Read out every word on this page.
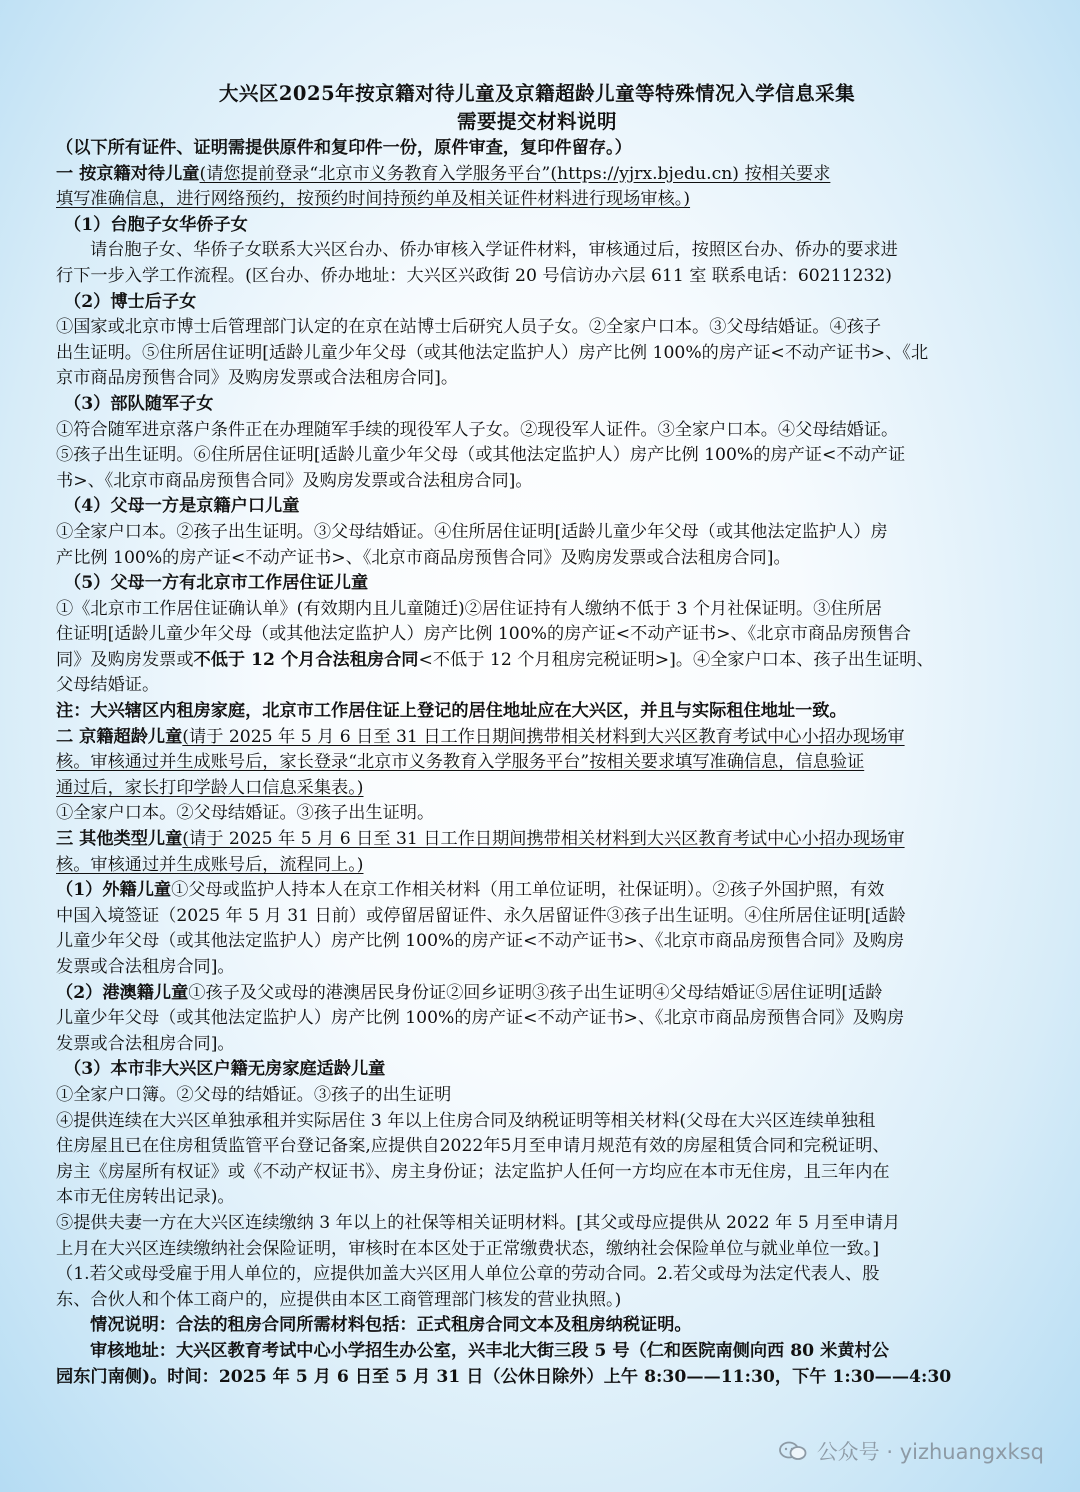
大兴区2025年按京籍对待儿童及京籍超龄儿童等特殊情况入学信息采集
需要提交材料说明
（以下所有证件、证明需提供原件和复印件一份，原件审查，复印件留存。）
一 按京籍对待儿童(请您提前登录“北京市义务教育入学服务平台”(https://yjrx.bjedu.cn) 按相关要求
填写准确信息，进行网络预约，按预约时间持预约单及相关证件材料进行现场审核。)
（1）台胞子女华侨子女
请台胞子女、华侨子女联系大兴区台办、侨办审核入学证件材料，审核通过后，按照区台办、侨办的要求进
行下一步入学工作流程。(区台办、侨办地址：大兴区兴政街 20 号信访办六层 611 室 联系电话：60211232)
（2）博士后子女
①国家或北京市博士后管理部门认定的在京在站博士后研究人员子女。②全家户口本。③父母结婚证。④孩子
出生证明。⑤住所居住证明[适龄儿童少年父母（或其他法定监护人）房产比例 100%的房产证<不动产证书>、《北
京市商品房预售合同》及购房发票或合法租房合同]。
（3）部队随军子女
①符合随军进京落户条件正在办理随军手续的现役军人子女。②现役军人证件。③全家户口本。④父母结婚证。
⑤孩子出生证明。⑥住所居住证明[适龄儿童少年父母（或其他法定监护人）房产比例 100%的房产证<不动产证
书>、《北京市商品房预售合同》及购房发票或合法租房合同]。
（4）父母一方是京籍户口儿童
①全家户口本。②孩子出生证明。③父母结婚证。④住所居住证明[适龄儿童少年父母（或其他法定监护人）房
产比例 100%的房产证<不动产证书>、《北京市商品房预售合同》及购房发票或合法租房合同]。
（5）父母一方有北京市工作居住证儿童
①《北京市工作居住证确认单》(有效期内且儿童随迁)②居住证持有人缴纳不低于 3 个月社保证明。③住所居
住证明[适龄儿童少年父母（或其他法定监护人）房产比例 100%的房产证<不动产证书>、《北京市商品房预售合
同》及购房发票或不低于 12 个月合法租房合同<不低于 12 个月租房完税证明>]。④全家户口本、孩子出生证明、
父母结婚证。
注：大兴辖区内租房家庭，北京市工作居住证上登记的居住地址应在大兴区，并且与实际租住地址一致。
二 京籍超龄儿童(请于 2025 年 5 月 6 日至 31 日工作日期间携带相关材料到大兴区教育考试中心小招办现场审
核。审核通过并生成账号后，家长登录“北京市义务教育入学服务平台”按相关要求填写准确信息，信息验证
通过后，家长打印学龄人口信息采集表。)
①全家户口本。②父母结婚证。③孩子出生证明。
三 其他类型儿童(请于 2025 年 5 月 6 日至 31 日工作日期间携带相关材料到大兴区教育考试中心小招办现场审
核。审核通过并生成账号后，流程同上。)
（1）外籍儿童①父母或监护人持本人在京工作相关材料（用工单位证明，社保证明）。②孩子外国护照，有效
中国入境签证（2025 年 5 月 31 日前）或停留居留证件、永久居留证件③孩子出生证明。④住所居住证明[适龄
儿童少年父母（或其他法定监护人）房产比例 100%的房产证<不动产证书>、《北京市商品房预售合同》及购房
发票或合法租房合同]。
（2）港澳籍儿童①孩子及父或母的港澳居民身份证②回乡证明③孩子出生证明④父母结婚证⑤居住证明[适龄
儿童少年父母（或其他法定监护人）房产比例 100%的房产证<不动产证书>、《北京市商品房预售合同》及购房
发票或合法租房合同]。
（3）本市非大兴区户籍无房家庭适龄儿童
①全家户口簿。②父母的结婚证。③孩子的出生证明
④提供连续在大兴区单独承租并实际居住 3 年以上住房合同及纳税证明等相关材料(父母在大兴区连续单独租
住房屋且已在住房租赁监管平台登记备案,应提供自2022年5月至申请月规范有效的房屋租赁合同和完税证明、
房主《房屋所有权证》或《不动产权证书》、房主身份证；法定监护人任何一方均应在本市无住房，且三年内在
本市无住房转出记录)。
⑤提供夫妻一方在大兴区连续缴纳 3 年以上的社保等相关证明材料。[其父或母应提供从 2022 年 5 月至申请月
上月在大兴区连续缴纳社会保险证明，审核时在本区处于正常缴费状态，缴纳社会保险单位与就业单位一致。]
（1.若父或母受雇于用人单位的，应提供加盖大兴区用人单位公章的劳动合同。2.若父或母为法定代表人、股
东、合伙人和个体工商户的，应提供由本区工商管理部门核发的营业执照。)
情况说明：合法的租房合同所需材料包括：正式租房合同文本及租房纳税证明。
审核地址：大兴区教育考试中心小学招生办公室，兴丰北大街三段 5 号（仁和医院南侧向西 80 米黄村公
园东门南侧)。时间：2025 年 5 月 6 日至 5 月 31 日（公休日除外）上午 8:30——11:30，下午 1:30——4:30
公众号 · yizhuangxksq
